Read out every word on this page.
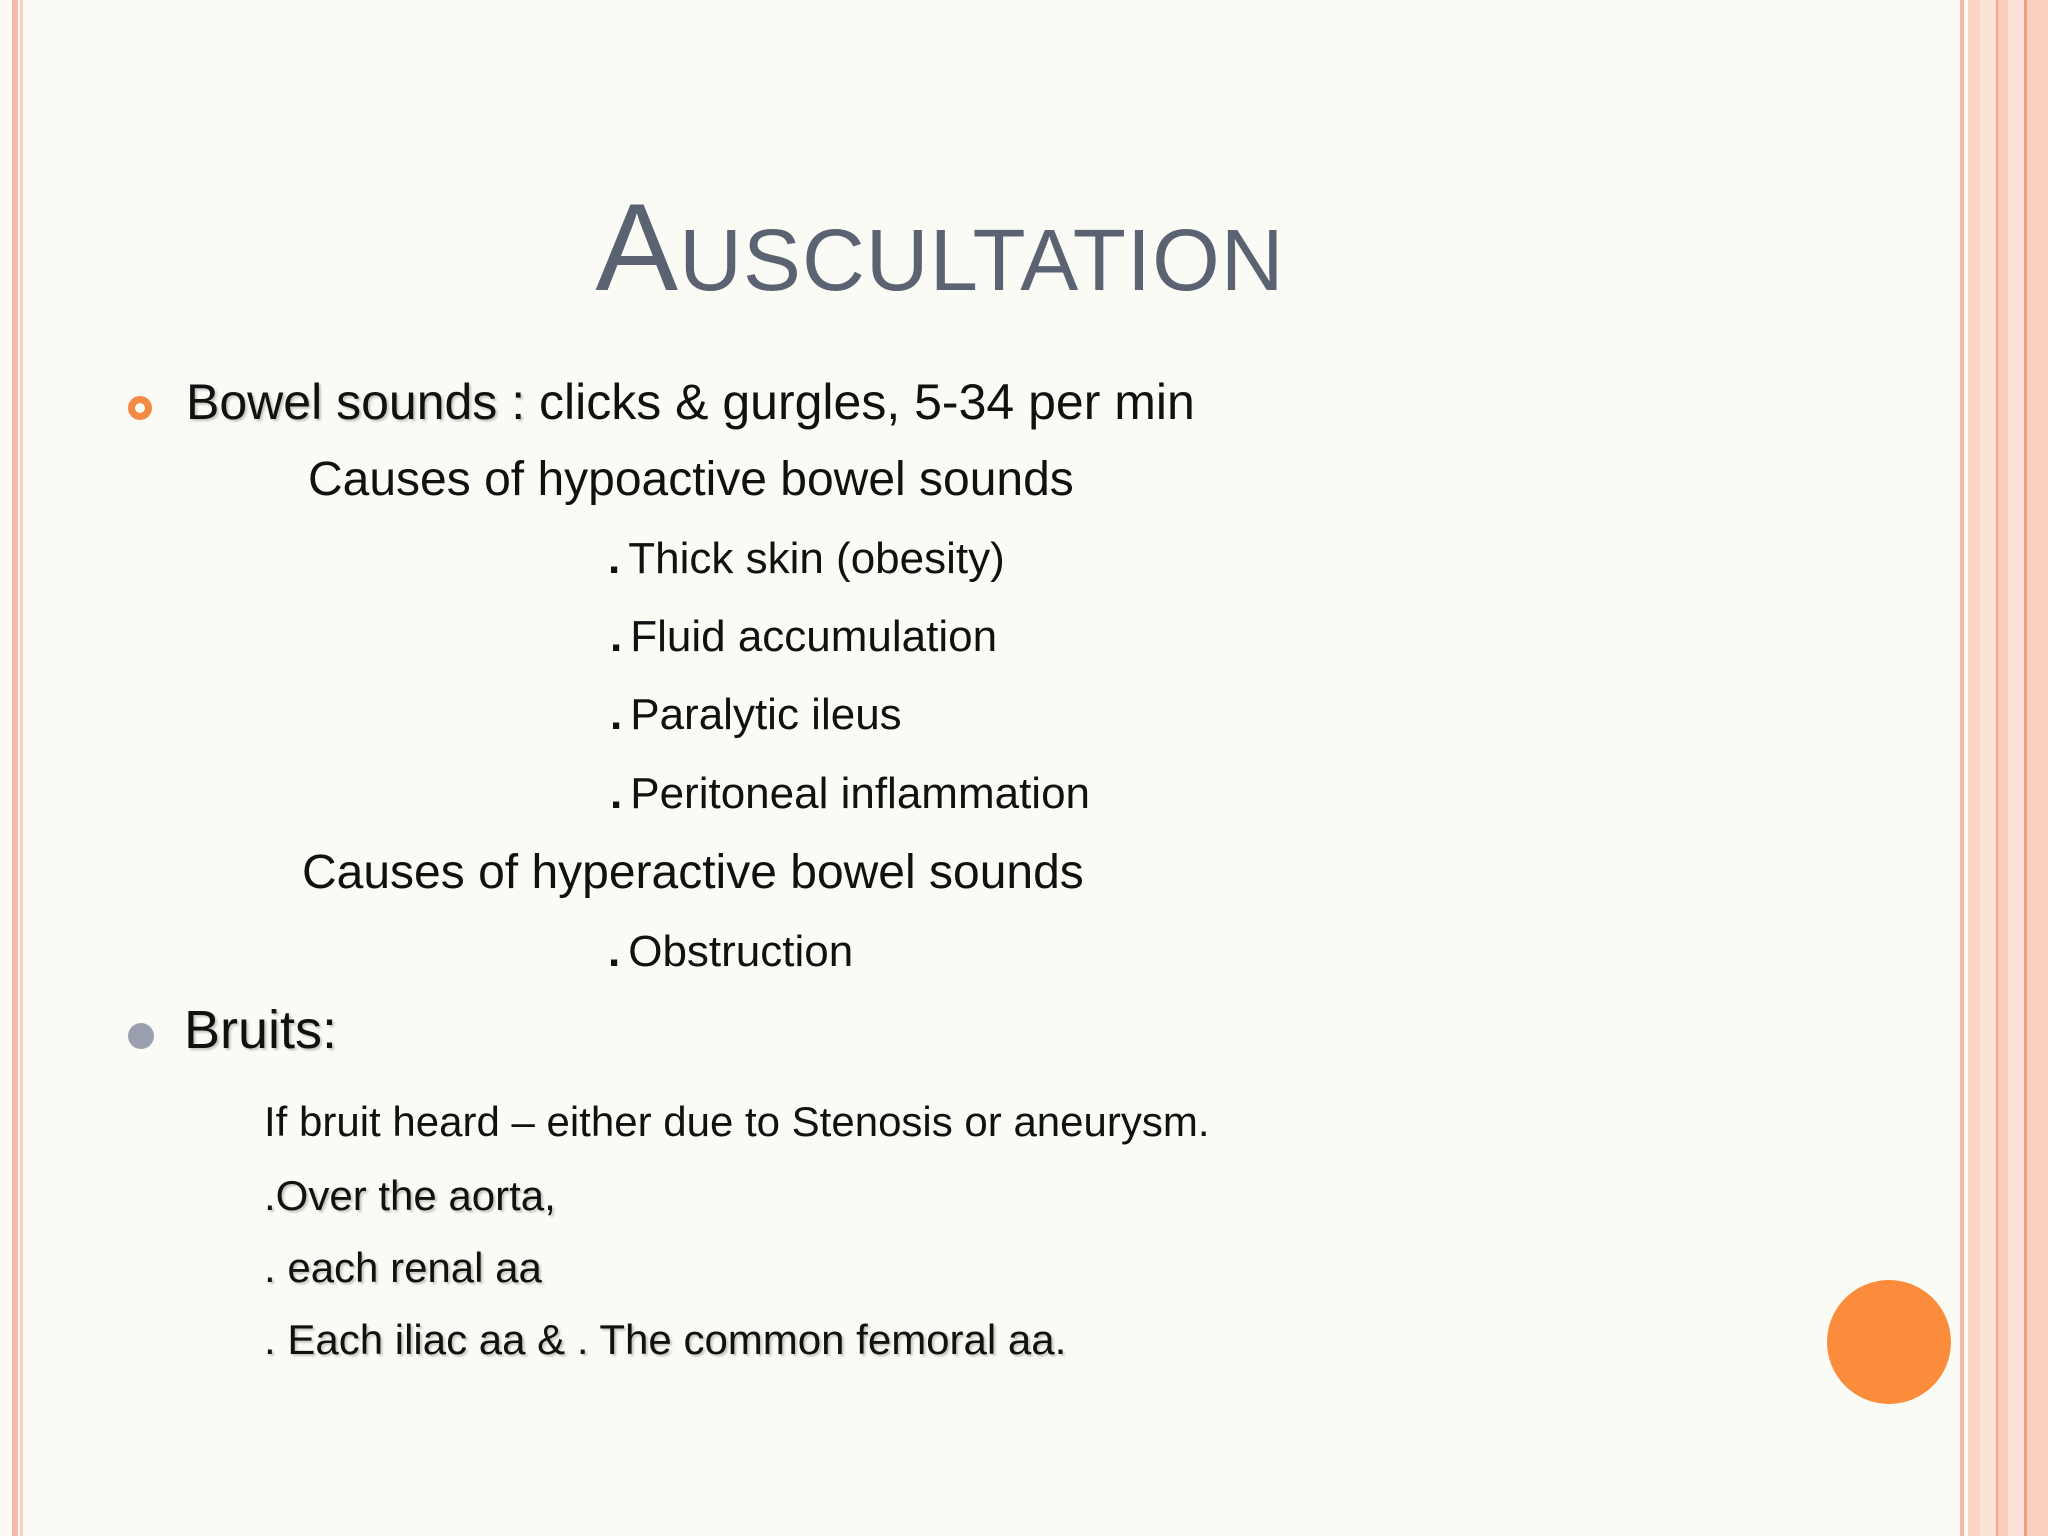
Auscultation
Bowel sounds : clicks & gurgles, 5-34 per min
Causes of hypoactive bowel sounds
. Thick skin (obesity)
. Fluid accumulation
. Paralytic ileus
. Peritoneal inflammation
Causes of hyperactive bowel sounds
. Obstruction
Bruits:
If bruit heard – either due to Stenosis or aneurysm.
.Over the aorta,
. each renal aa
. Each iliac aa & . The common femoral aa.
